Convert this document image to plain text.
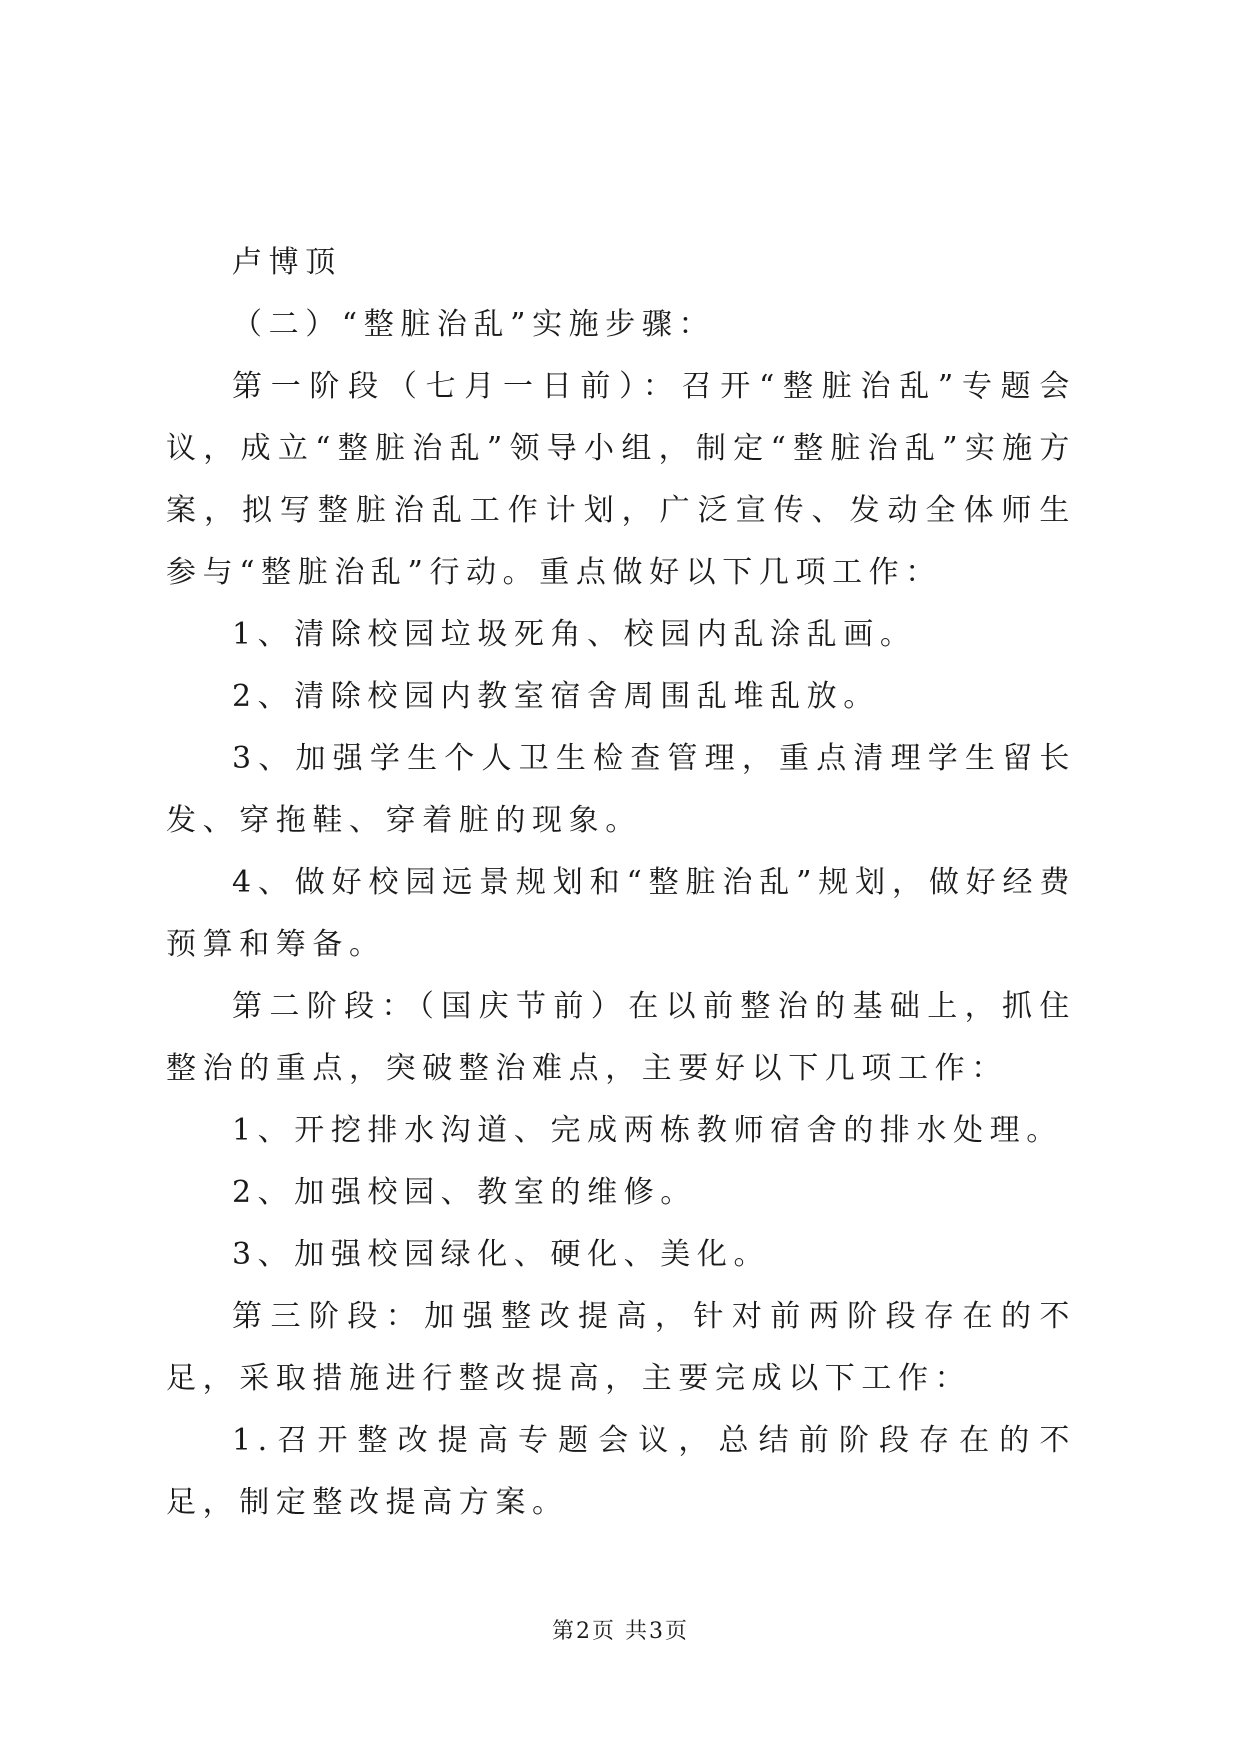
卢博顶

（二）“整脏治乱”实施步骤：

第一阶段（七月一日前）：召开“整脏治乱”专题会议，成立“整脏治乱”领导小组，制定“整脏治乱”实施方案，拟写整脏治乱工作计划，广泛宣传、发动全体师生参与“整脏治乱”行动。重点做好以下几项工作：

1、清除校园垃圾死角、校园内乱涂乱画。

2、清除校园内教室宿舍周围乱堆乱放。

3、加强学生个人卫生检查管理，重点清理学生留长发、穿拖鞋、穿着脏的现象。

4、做好校园远景规划和“整脏治乱”规划，做好经费预算和筹备。

第二阶段：（国庆节前）在以前整治的基础上，抓住整治的重点，突破整治难点，主要好以下几项工作：

1、开挖排水沟道、完成两栋教师宿舍的排水处理。

2、加强校园、教室的维修。

3、加强校园绿化、硬化、美化。

第三阶段：加强整改提高，针对前两阶段存在的不足，采取措施进行整改提高，主要完成以下工作：

1.召开整改提高专题会议，总结前阶段存在的不足，制定整改提高方案。

第2页 共3页
